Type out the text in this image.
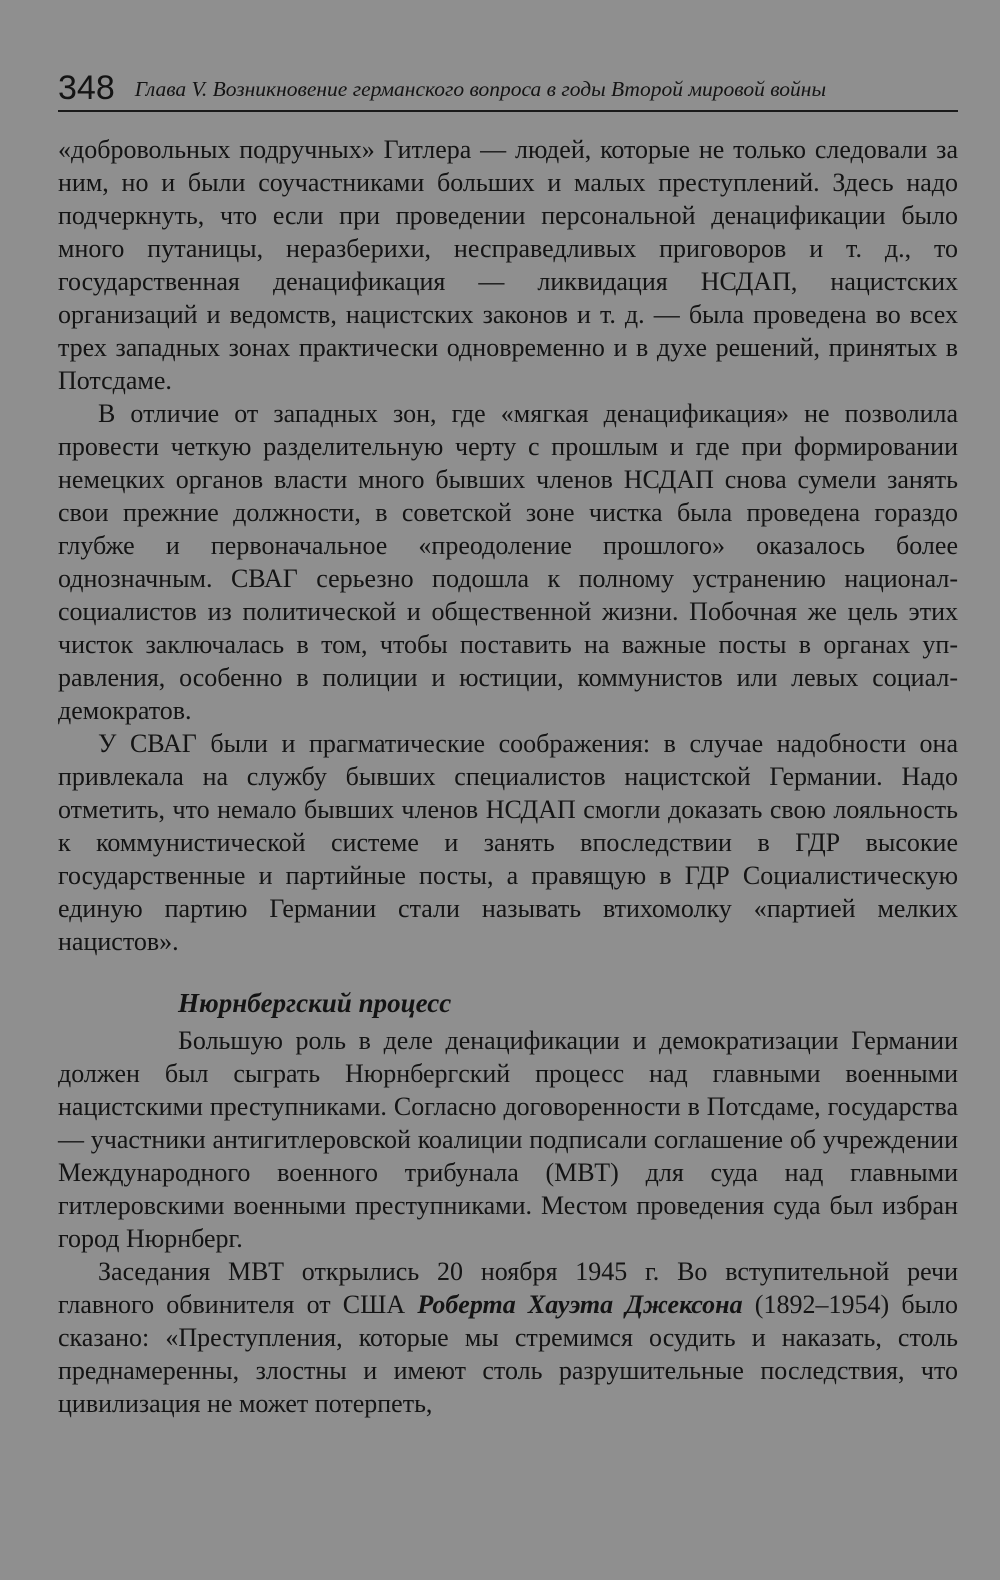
348 Глава V. Возникновение германского вопроса в годы Второй мировой войны

«добровольных подручных» Гитлера — людей, которые не только следовали за ним, но и были соучастниками больших и малых преступлений. Здесь надо подчеркнуть, что если при проведении персональной денацификации было много путаницы, неразберихи, несправедливых приговоров и т. д., то государственная денацификация — ликвидация НСДАП, нацистских организаций и ведомств, нацистских законов и т. д. — была проведена во всех трех западных зонах практически одновременно и в духе решений, принятых в Потсдаме.

В отличие от западных зон, где «мягкая денацификация» не позволила провести четкую разделительную черту с прошлым и где при формировании немецких органов власти много бывших членов НСДАП снова сумели занять свои прежние должности, в советской зоне чистка была проведена гораздо глубже и первоначальное «преодоление прошлого» оказалось более однозначным. СВАГ серьезно подошла к полному устранению национал-социалистов из политической и общественной жизни. Побочная же цель этих чисток заключалась в том, чтобы поставить на важные посты в органах управления, особенно в полиции и юстиции, коммунистов или левых социал-демократов.

У СВАГ были и прагматические соображения: в случае надобности она привлекала на службу бывших специалистов нацистской Германии. Надо отметить, что немало бывших членов НСДАП смогли доказать свою лояльность к коммунистической системе и занять впоследствии в ГДР высокие государственные и партийные посты, а правящую в ГДР Социалистическую единую партию Германии стали называть втихомолку «партией мелких нацистов».

Нюрнбергский процесс

Большую роль в деле денацификации и демократизации Германии должен был сыграть Нюрнбергский процесс над главными военными нацистскими преступниками. Согласно договоренности в Потсдаме, государства — участники антигитлеровской коалиции подписали соглашение об учреждении Международного военного трибунала (МВТ) для суда над главными гитлеровскими военными преступниками. Местом проведения суда был избран город Нюрнберг.

Заседания МВТ открылись 20 ноября 1945 г. Во вступительной речи главного обвинителя от США Роберта Хауэта Джексона (1892–1954) было сказано: «Преступления, которые мы стремимся осудить и наказать, столь преднамеренны, злостны и имеют столь разрушительные последствия, что цивилизация не может потерпеть,
